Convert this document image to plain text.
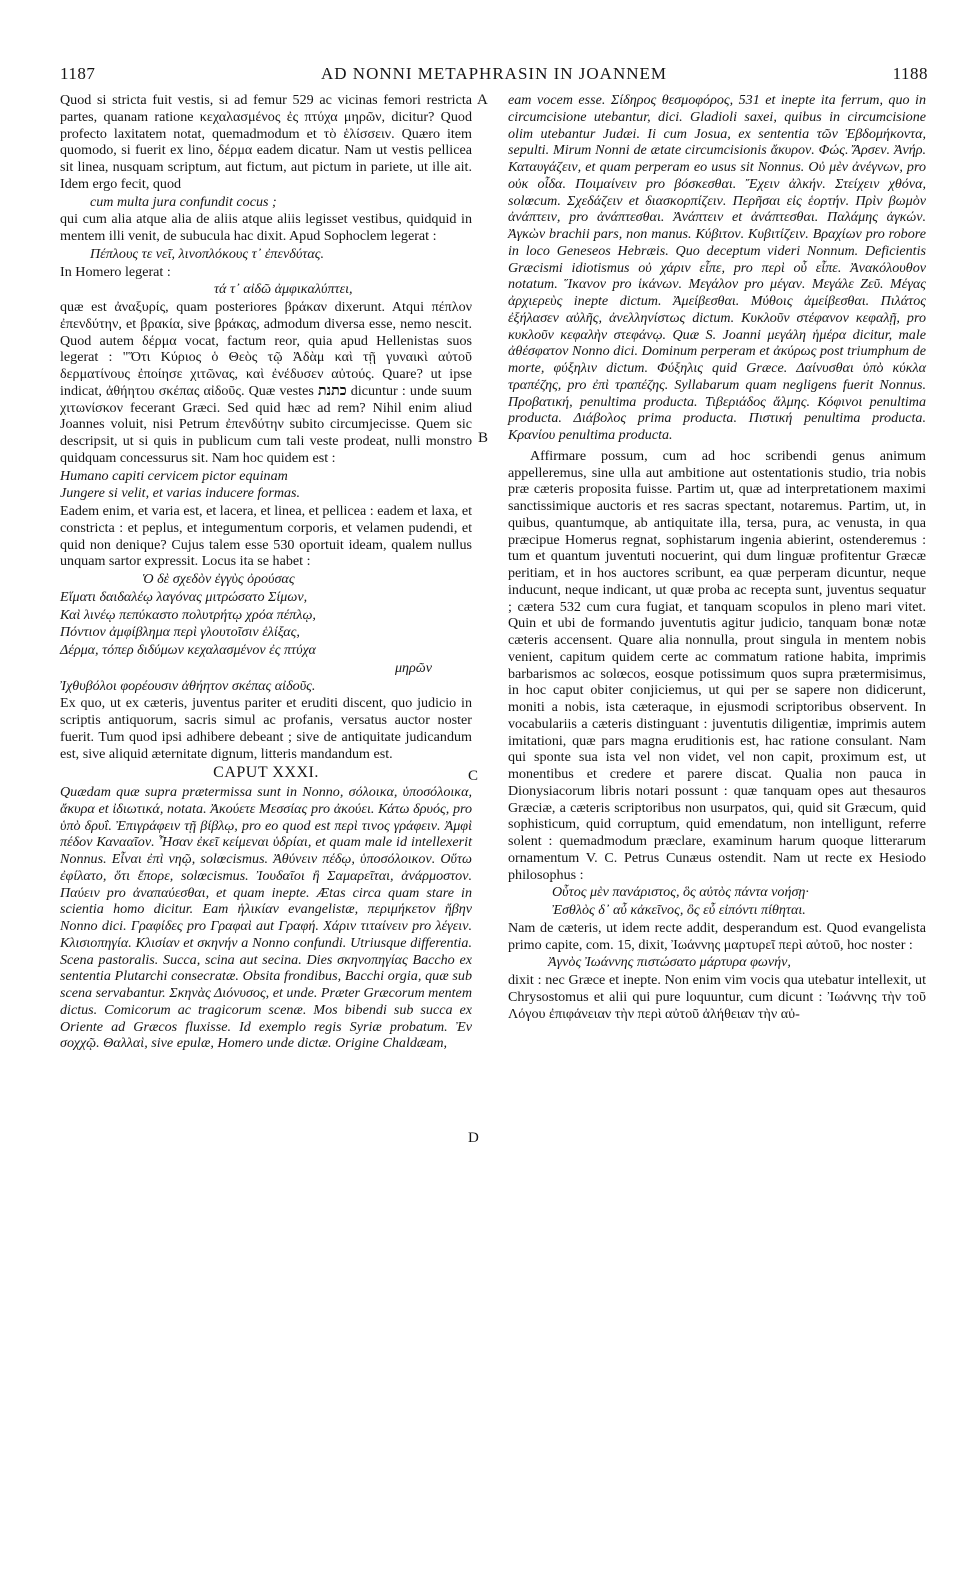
1187	AD NONNI METAPHRASIN IN JOANNEM	1188
A
B
C
D

Quod si stricta fuit vestis, si ad femur 529 ac vicinas femori restricta partes, quanam ratione κεχαλασμένος ἐς πτύχα μηρῶν, dicitur? Quod profecto laxitatem notat, quemadmodum et τὸ ἑλίσσειν. Quæro item quomodo, si fuerit ex lino, δέρμα eadem dicatur. Nam ut vestis pellicea sit linea, nusquam scriptum, aut fictum, aut pictum in pariete, ut ille ait. Idem ergo fecit, quod

cum multa jura confundit cocus ;

qui cum alia atque alia de aliis atque aliis legisset vestibus, quidquid in mentem illi venit, de subucula hac dixit. Apud Sophoclem legerat :

Πέπλους τε νεῖ, λινοπλόκους τ᾽ ἐπενδύτας.

In Homero legerat :

τά τ᾽ αἰδῶ ἀμφικαλύπτει,

quæ est ἀναξυρίς, quam posteriores βράκαν dixerunt. Atqui πέπλον ἐπενδύτην, et βρακία, sive βράκας, admodum diversa esse, nemo nescit. Quod autem δέρμα vocat, factum reor, quia apud Hellenistas suos legerat : "Ὅτι Κύριος ὁ Θεὸς τῷ Ἀδὰμ καὶ τῇ γυναικὶ αὐτοῦ δερματίνους ἐποίησε χιτῶνας, καὶ ἐνέδυσεν αὐτούς. Quare? ut ipse indicat, ἀθήητου σκέπας αἰδοῦς. Quæ vestes כתנת dicuntur : unde suum χιτωνίσκον fecerant Græci. Sed quid hæc ad rem? Nihil enim aliud Joannes voluit, nisi Petrum ἐπενδύτην subito circumjecisse. Quem sic descripsit, ut si quis in publicum cum tali veste prodeat, nulli monstro quidquam concessurus sit. Nam hoc quidem est :

Humano capiti cervicem pictor equinam

Jungere si velit, et varias inducere formas.

Eadem enim, et varia est, et lacera, et linea, et pellicea : eadem et laxa, et constricta : et peplus, et integumentum corporis, et velamen pudendi, et quid non denique? Cujus talem esse 530 oportuit ideam, qualem nullus unquam sartor expressit. Locus ita se habet :

Ὁ δὲ σχεδὸν ἐγγὺς ὀρούσας

Εἵματι δαιδαλέῳ λαγόνας μιτρώσατο Σίμων,

Καὶ λινέῳ πεπύκαστο πολυτρήτῳ χρόα πέπλῳ,

Πόντιον ἀμφίβλημα περὶ γλουτοῖσιν ἑλίξας,

Δέρμα, τόπερ διδύμων κεχαλασμένον ἐς πτύχα

μηρῶν

Ἰχθυβόλοι φορέουσιν ἀθήητον σκέπας αἰδοῦς.

Ex quo, ut ex cæteris, juventus pariter et eruditi discent, quo judicio in scriptis antiquorum, sacris simul ac profanis, versatus auctor noster fuerit. Tum quod ipsi adhibere debeant ; sive de antiquitate judicandum est, sive aliquid æternitate dignum, litteris mandandum est.

CAPUT XXXI.

Quædam quæ supra prætermissa sunt in Nonno, σόλοικα, ὑποσόλοικα, ἄκυρα et ἰδιωτικά, notata. Ἀκούετε Μεσσίας pro ἀκούει. Κάτω δρυός, pro ὑπὸ δρυΐ. Ἐπιγράφειν τῇ βίβλῳ, pro eo quod est περὶ τινος γράφειν. Ἀμφὶ πέδον Κανααῖον. Ἦσαν ἐκεῖ κείμεναι ὑδρίαι, et quam male id intellexerit Nonnus. Εἶναι ἐπὶ νηῷ, solœcismus. Ἀθύνειν πέδῳ, ὑποσόλοικον. Οὕτω ἐφίλατο, ὅτι ἔπορε, solœcismus. Ἰουδαῖοι ἢ Σαμαρεῖται, ἀνάρμοστον. Παύειν pro ἀναπαύεσθαι, et quam inepte. Ætas circa quam stare in scientia homo dicitur. Eam ἡλικίαν evangelistæ, περιμήκετον ἥβην Nonno dici. Γραφίδες pro Γραφαὶ aut Γραφή. Χάριν τιταίνειν pro λέγειν. Κλισιοπηγία. Κλισίαν et σκηνήν a Nonno confundi. Utriusque differentia. Scena pastoralis. Succa, scina aut secina. Dies σκηνοπηγίας Baccho ex sententia Plutarchi consecratæ. Obsita frondibus, Bacchi orgia, quæ sub scena servabantur. Σκηνὰς Διόνυσος, et unde. Præter Græcorum mentem dictus. Comicorum ac tragicorum scenæ. Mos bibendi sub succa ex Oriente ad Græcos fluxisse. Id exemplo regis Syriæ probatum. Ἐν σοχχῷ. Θαλλαὶ, sive epulæ, Homero unde dictæ. Origine Chaldæam,

eam vocem esse. Σίδηρος θεσμοφόρος, 531 et inepte ita ferrum, quo in circumcisione utebantur, dici. Gladioli saxei, quibus in circumcisione olim utebantur Judæi. Ii cum Josua, ex sententia τῶν Ἑβδομήκοντα, sepulti. Mirum Nonni de ætate circumcisionis ἄκυρον. Φώς. Ἄρσεν. Ἀνήρ. Καταυγάζειν, et quam perperam eo usus sit Nonnus. Οὐ μὲν ἀνέγνων, pro οὐκ οἶδα. Ποιμαίνειν pro βόσκεσθαι. Ἔχειν ἀλκήν. Στείχειν χθόνα, solœcum. Σχεδάζειν et διασκορπίζειν. Περῆσαι εἰς ἑορτήν. Πρὶν βωμὸν ἀνάπτειν, pro ἀνάπτεσθαι. Ἀνάπτειν et ἀνάπτεσθαι. Παλάμης ἀγκών. Ἀγκὼν brachii pars, non manus. Κύβιτον. Κυβιτίζειν. Βραχίων pro robore in loco Geneseos Hebræis. Quo deceptum videri Nonnum. Deficientis Græcismi idiotismus οὐ χάριν εἶπε, pro περὶ οὗ εἶπε. Ἀνακόλουθον notatum. Ἵκανον pro ἱκάνων. Μεγάλον pro μέγαν. Μεγάλε Ζεῦ. Μέγας ἀρχιερεὺς inepte dictum. Ἀμείβεσθαι. Μύθοις ἀμείβεσθαι. Πιλάτος ἐξήλασεν αὐλῆς, ἀνελληνίστως dictum. Κυκλοῦν στέφανον κεφαλῇ, pro κυκλοῦν κεφαλὴν στεφάνῳ. Quæ S. Joanni μεγάλη ἡμέρα dicitur, male ἀθέσφατον Nonno dici. Dominum perperam et ἀκύρως post triumphum de morte, φύξηλιν dictum. Φύξηλις quid Græce. Δαίνυσθαι ὑπὸ κύκλα τραπέζης, pro ἐπὶ τραπέζης. Syllabarum quam negligens fuerit Nonnus. Προβατική, penultima producta. Τιβεριάδος ἅλμης. Κόφινοι penultima producta. Διάβολος prima producta. Πιστική penultima producta. Κρανίου penultima producta.

Affirmare possum, cum ad hoc scribendi genus animum appelleremus, sine ulla aut ambitione aut ostentationis studio, tria nobis præ cæteris proposita fuisse. Partim ut, quæ ad interpretationem maximi sanctissimique auctoris et res sacras spectant, notaremus. Partim, ut, in quibus, quantumque, ab antiquitate illa, tersa, pura, ac venusta, in qua præcipue Homerus regnat, sophistarum ingenia abierint, ostenderemus : tum et quantum juventuti nocuerint, qui dum linguæ profitentur Græcæ peritiam, et in hos auctores scribunt, ea quæ perperam dicuntur, neque inducunt, neque indicant, ut quæ proba ac recepta sunt, juventus sequatur ; cætera 532 cum cura fugiat, et tanquam scopulos in pleno mari vitet. Quin et ubi de formando juventutis agitur judicio, tanquam bonæ notæ cæteris accensent. Quare alia nonnulla, prout singula in mentem nobis venient, capitum quidem certe ac commatum ratione habita, imprimis barbarismos ac solœcos, eosque potissimum quos supra prætermisimus, in hoc caput obiter conjiciemus, ut qui per se sapere non didicerunt, moniti a nobis, ista cæteraque, in ejusmodi scriptoribus observent. In vocabulariis a cæteris distinguant : juventutis diligentiæ, imprimis autem imitationi, quæ pars magna eruditionis est, hac ratione consulant. Nam qui sponte sua ista vel non videt, vel non capit, proximum est, ut monentibus et credere et parere discat. Qualia non pauca in Dionysiacorum libris notari possunt : quæ tanquam opes aut thesauros Græciæ, a cæteris scriptoribus non usurpatos, qui, quid sit Græcum, quid sophisticum, quid corruptum, quid emendatum, non intelligunt, referre solent : quemadmodum præclare, examinum harum quoque litterarum ornamentum V. C. Petrus Cunæus ostendit. Nam ut recte ex Hesiodo philosophus :

Οὗτος μὲν πανάριστος, ὃς αὐτὸς πάντα νοήσῃ·

Ἐσθλὸς δ᾽ αὖ κἀκεῖνος, ὃς εὖ εἰπόντι πίθηται.

Nam de cæteris, ut idem recte addit, desperandum est. Quod evangelista primo capite, com. 15, dixit, Ἰωάννης μαρτυρεῖ περὶ αὐτοῦ, hoc noster :

Ἀγνὸς Ἰωάννης πιστώσατο μάρτυρα φωνήν,

dixit : nec Græce et inepte. Non enim vim vocis qua utebatur intellexit, ut Chrysostomus et alii qui pure loquuntur, cum dicunt : Ἰωάννης τὴν τοῦ Λόγου ἐπιφάνειαν τὴν περὶ αὐτοῦ ἀλήθειαν τὴν αὐ-
